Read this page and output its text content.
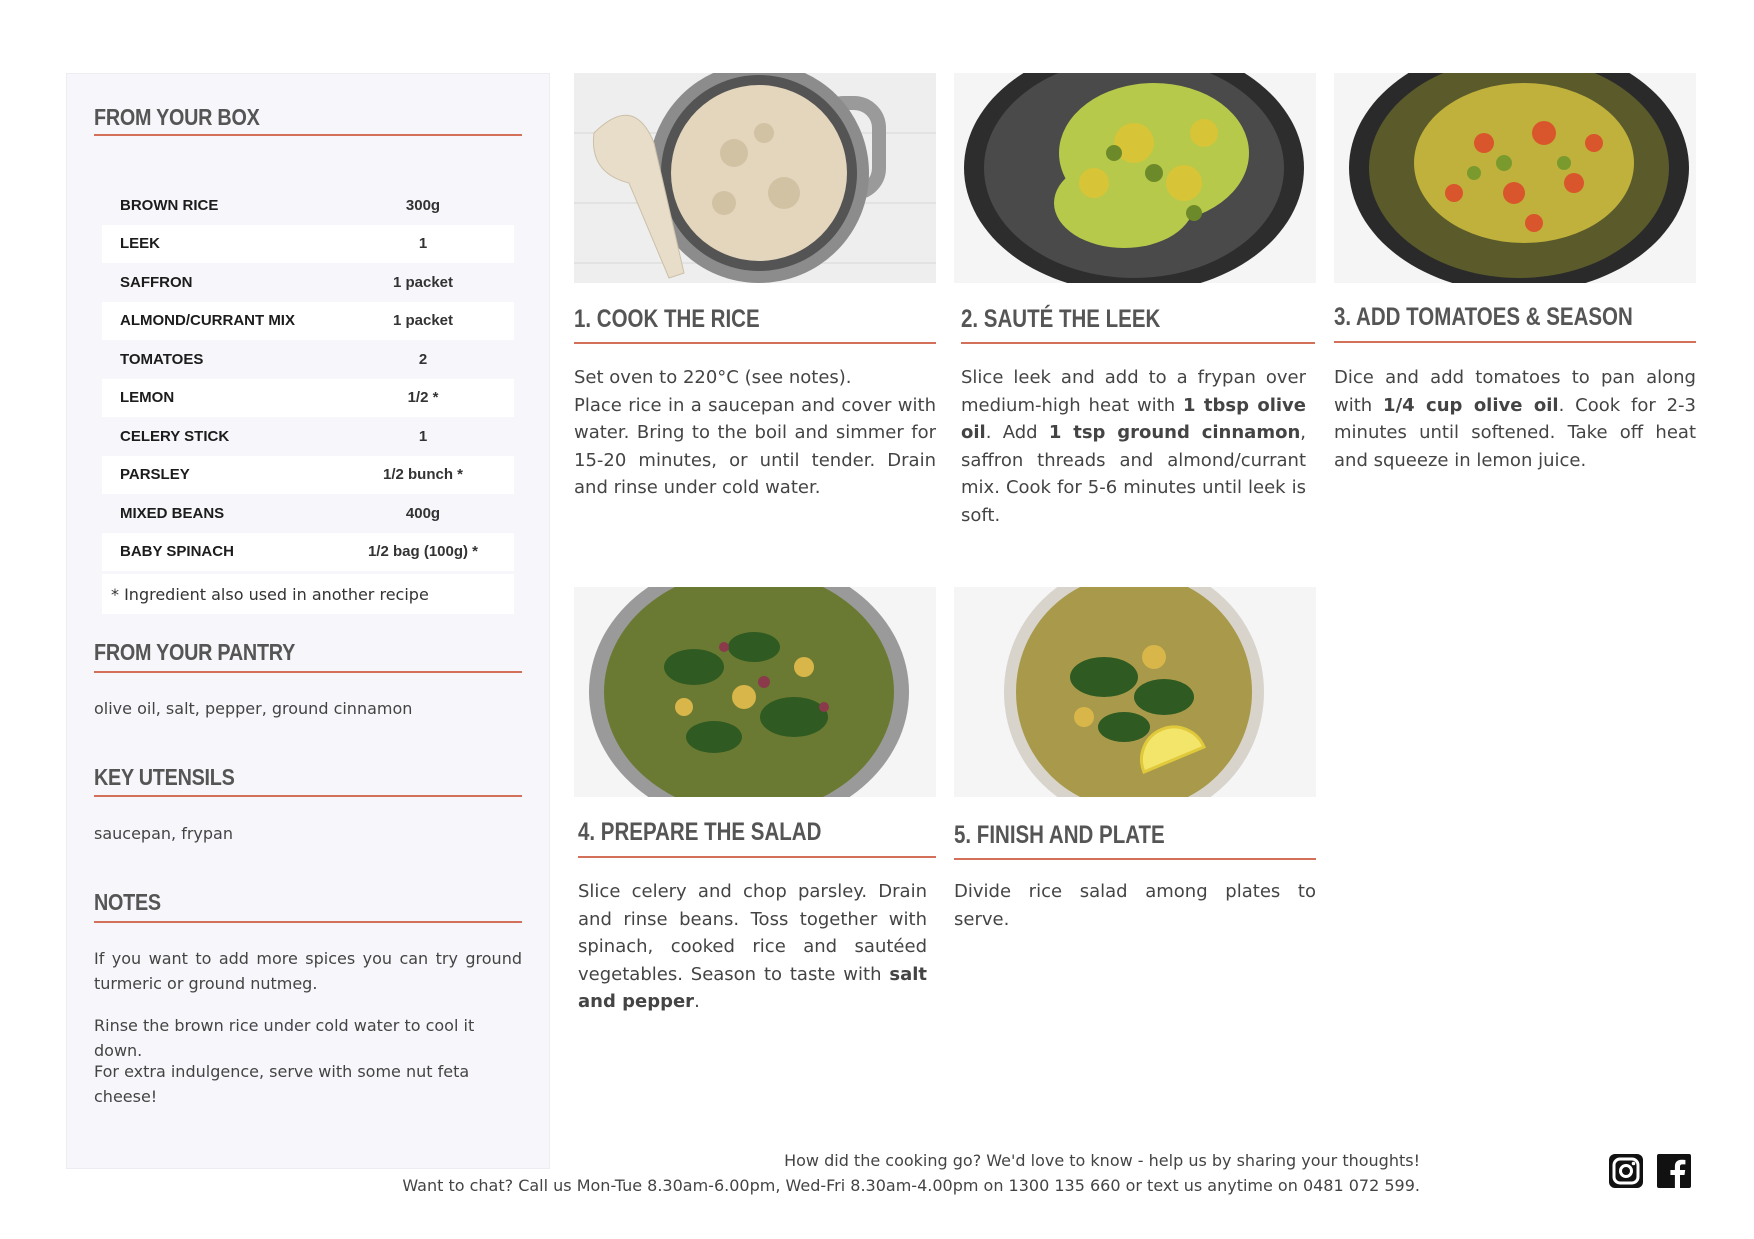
FROM YOUR BOX
BROWN RICE	300g
LEEK	1
SAFFRON	1 packet
ALMOND/CURRANT MIX	1 packet
TOMATOES	2
LEMON	1/2 *
CELERY STICK	1
PARSLEY	1/2 bunch *
MIXED BEANS	400g
BABY SPINACH	1/2 bag (100g) *
* Ingredient also used in another recipe
FROM YOUR PANTRY
olive oil, salt, pepper, ground cinnamon
KEY UTENSILS
saucepan, frypan
NOTES
If you want to add more spices you can try ground turmeric or ground nutmeg.
Rinse the brown rice under cold water to cool it down.
For extra indulgence, serve with some nut feta cheese!
1. COOK THE RICE
Set oven to 220°C (see notes).
Place rice in a saucepan and cover with water. Bring to the boil and simmer for 15-20 minutes, or until tender. Drain and rinse under cold water.
2. SAUTÉ THE LEEK
Slice leek and add to a frypan over medium-high heat with 1 tbsp olive oil. Add 1 tsp ground cinnamon, saffron threads and almond/currant mix. Cook for 5-6 minutes until leek is soft.
3. ADD TOMATOES & SEASON
Dice and add tomatoes to pan along with 1/4 cup olive oil. Cook for 2-3 minutes until softened. Take off heat and squeeze in lemon juice.
4. PREPARE THE SALAD
Slice celery and chop parsley. Drain and rinse beans. Toss together with spinach, cooked rice and sautéed vegetables. Season to taste with salt and pepper.
5. FINISH AND PLATE
Divide rice salad among plates to serve.
How did the cooking go? We'd love to know - help us by sharing your thoughts!
Want to chat? Call us Mon-Tue 8.30am-6.00pm, Wed-Fri 8.30am-4.00pm on 1300 135 660 or text us anytime on 0481 072 599.
